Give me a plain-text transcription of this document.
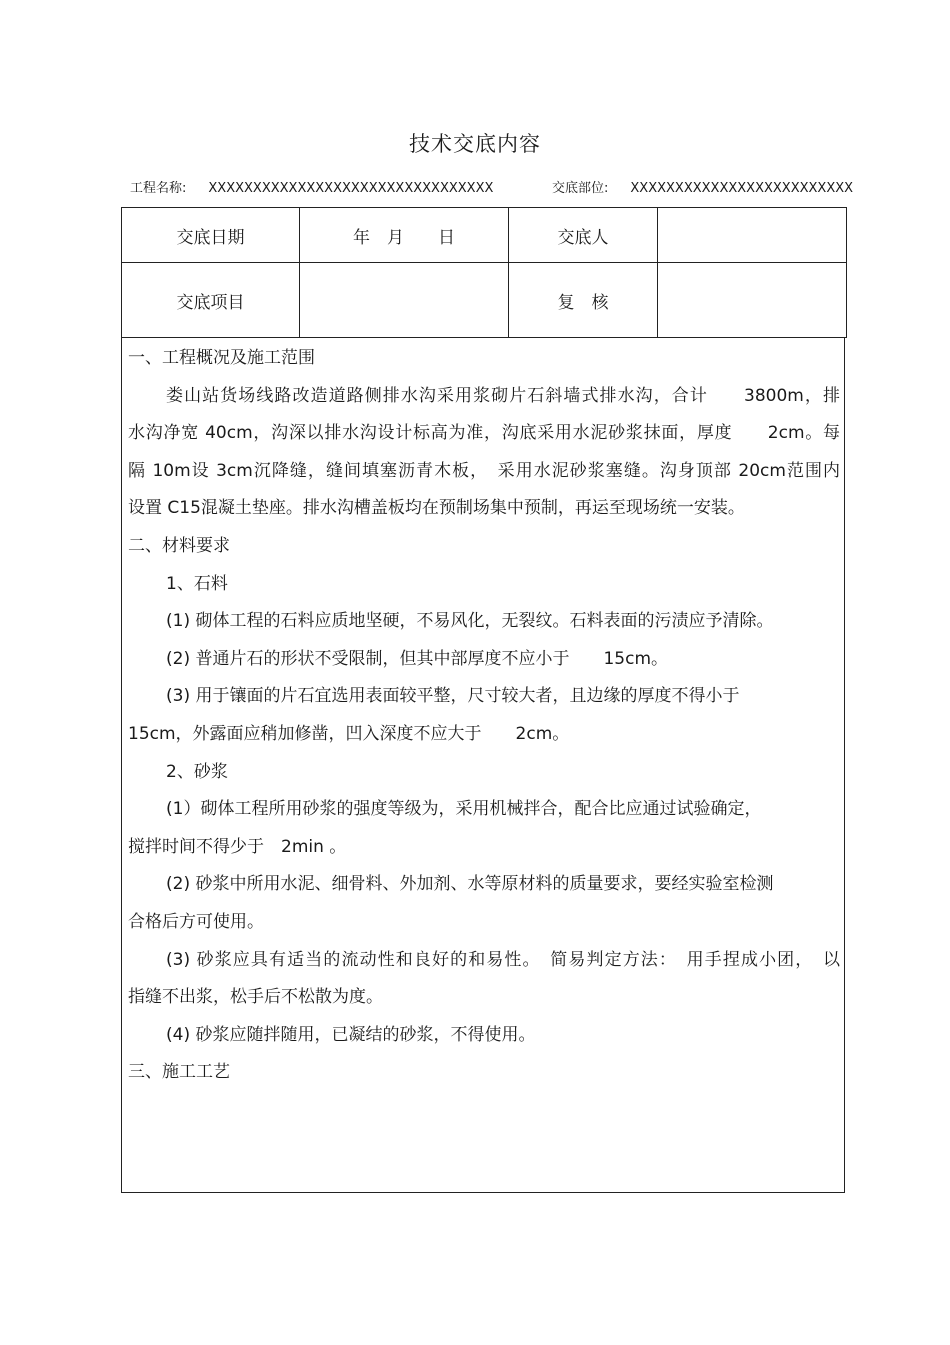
技术交底内容
工程名称: XXXXXXXXXXXXXXXXXXXXXXXXXXXXXXXX	交底部位: XXXXXXXXXXXXXXXXXXXXXXXXX
交底日期	年　月　　日	交底人	
交底项目		复　核	
一、工程概况及施工范围
娄山站货场线路改造道路侧排水沟采用浆砌片石斜墙式排水沟，合计　　3800m，排
水沟净宽 40cm，沟深以排水沟设计标高为准，沟底采用水泥砂浆抹面，厚度　　2cm。每
隔 10m设 3cm沉降缝，缝间填塞沥青木板，　采用水泥砂浆塞缝。沟身顶部 20cm范围内
设置 C15混凝土垫座。排水沟槽盖板均在预制场集中预制，再运至现场统一安装。
二、材料要求
1、石料
(1) 砌体工程的石料应质地坚硬，不易风化，无裂纹。石料表面的污渍应予清除。
(2) 普通片石的形状不受限制，但其中部厚度不应小于　　15cm。
(3) 用于镶面的片石宜选用表面较平整，尺寸较大者，且边缘的厚度不得小于
15cm，外露面应稍加修凿，凹入深度不应大于　　2cm。
2、砂浆
(1）砌体工程所用砂浆的强度等级为，采用机械拌合，配合比应通过试验确定，
搅拌时间不得少于　2min 。
(2) 砂浆中所用水泥、细骨料、外加剂、水等原材料的质量要求，要经实验室检测
合格后方可使用。
(3) 砂浆应具有适当的流动性和良好的和易性。　简易判定方法：　用手捏成小团，　以
指缝不出浆，松手后不松散为度。
(4) 砂浆应随拌随用，已凝结的砂浆，不得使用。
三、施工工艺
